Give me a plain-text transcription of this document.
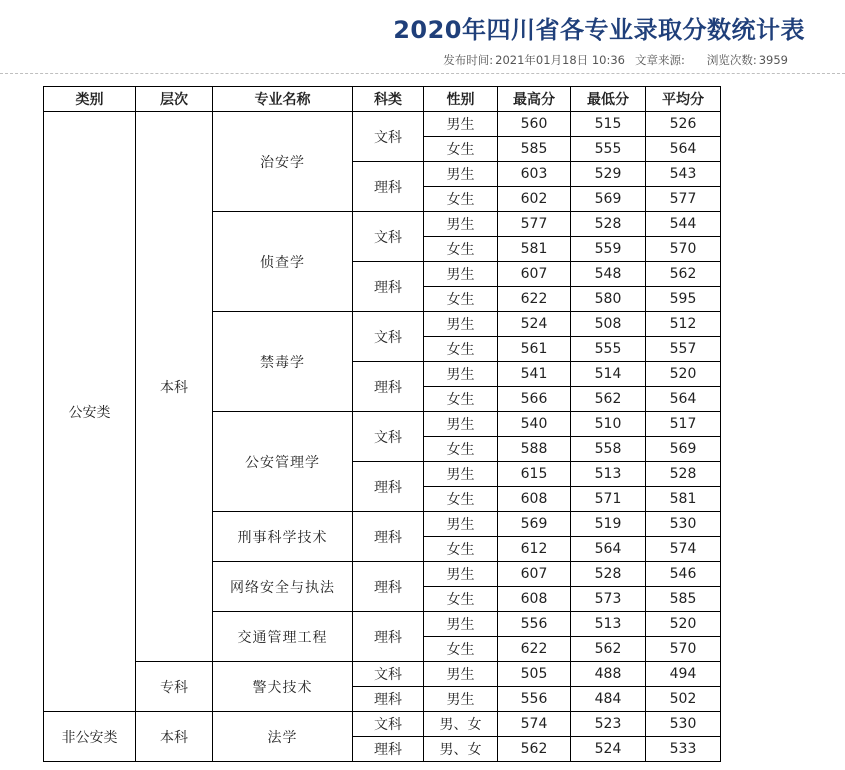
2020年四川省各专业录取分数统计表
发布时间: 2021年01月18日 10:36 文章来源: 浏览次数: 3959
类别	层次	专业名称	科类	性别	最高分	最低分	平均分
公安类	本科	治安学	文科	男生	560	515	526
				女生	585	555	564
			理科	男生	603	529	543
				女生	602	569	577
		侦查学	文科	男生	577	528	544
				女生	581	559	570
			理科	男生	607	548	562
				女生	622	580	595
		禁毒学	文科	男生	524	508	512
				女生	561	555	557
			理科	男生	541	514	520
				女生	566	562	564
		公安管理学	文科	男生	540	510	517
				女生	588	558	569
			理科	男生	615	513	528
				女生	608	571	581
		刑事科学技术	理科	男生	569	519	530
				女生	612	564	574
		网络安全与执法	理科	男生	607	528	546
				女生	608	573	585
		交通管理工程	理科	男生	556	513	520
				女生	622	562	570
	专科	警犬技术	文科	男生	505	488	494
			理科	男生	556	484	502
非公安类	本科	法学	文科	男、女	574	523	530
			理科	男、女	562	524	533
